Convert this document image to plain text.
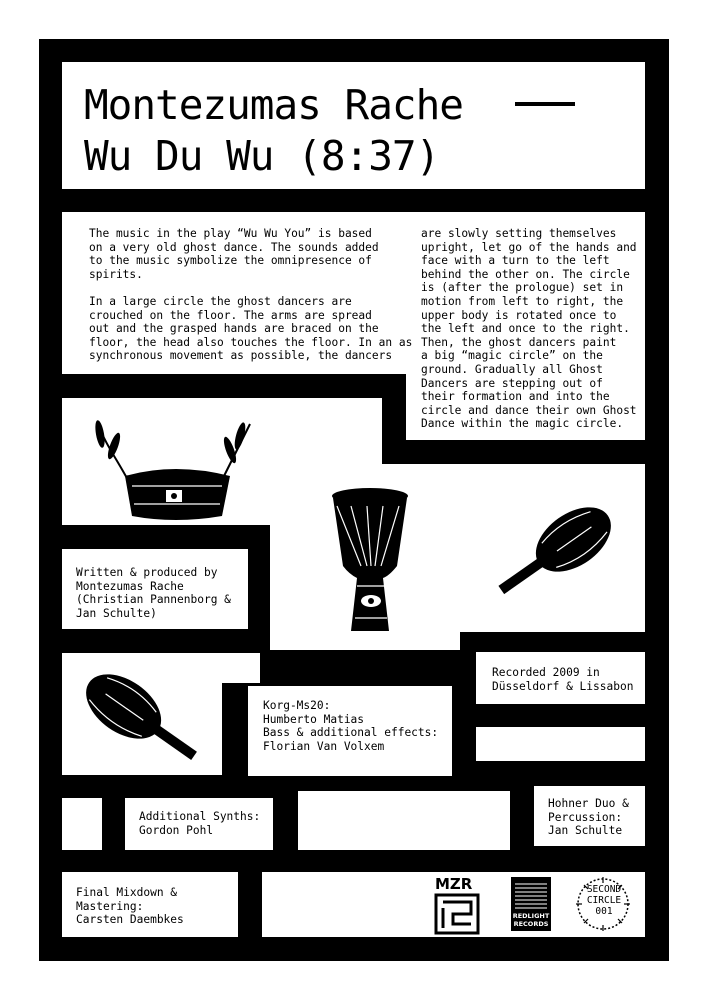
Montezumas Rache
Wu Du Wu (8:37)

The music in the play “Wu Wu You” is based
on a very old ghost dance. The sounds added
to the music symbolize the omnipresence of
spirits.

In a large circle the ghost dancers are
crouched on the floor. The arms are spread
out and the grasped hands are braced on the
floor, the head also touches the floor. In an as
synchronous movement as possible, the dancers

are slowly setting themselves
upright, let go of the hands and
face with a turn to the left
behind the other on. The circle
is (after the prologue) set in
motion from left to right, the
upper body is rotated once to
the left and once to the right.
Then, the ghost dancers paint
a big “magic circle” on the
ground. Gradually all Ghost
Dancers are stepping out of
their formation and into the
circle and dance their own Ghost
Dance within the magic circle.

Written & produced by
Montezumas Rache
(Christian Pannenborg &
Jan Schulte)

Recorded 2009 in
Düsseldorf & Lissabon

Korg-Ms20:
Humberto Matias
Bass & additional effects:
Florian Van Volxem

Additional Synths:
Gordon Pohl

Hohner Duo &
Percussion:
Jan Schulte

Final Mixdown &
Mastering:
Carsten Daembkes

MZR
REDLIGHT
RECORDS
SECOND
CIRCLE
001
